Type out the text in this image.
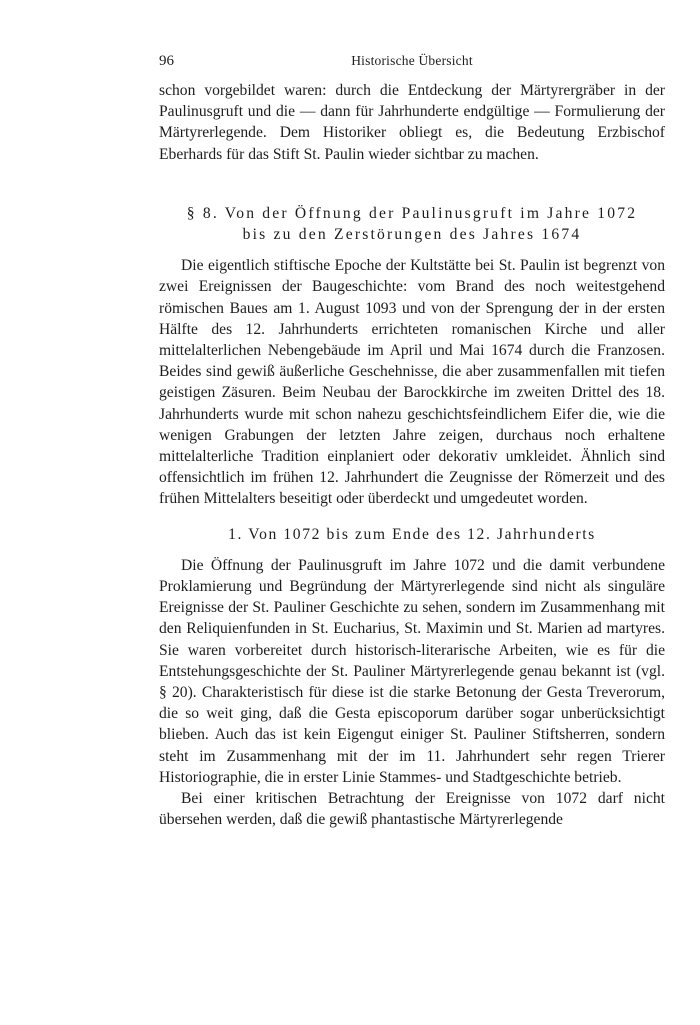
96	Historische Übersicht

schon vorgebildet waren: durch die Entdeckung der Märtyrergräber in der Paulinusgruft und die — dann für Jahrhunderte endgültige — Formulierung der Märtyrerlegende. Dem Historiker obliegt es, die Bedeutung Erzbischof Eberhards für das Stift St. Paulin wieder sichtbar zu machen.

§ 8. Von der Öffnung der Paulinusgruft im Jahre 1072
bis zu den Zerstörungen des Jahres 1674

Die eigentlich stiftische Epoche der Kultstätte bei St. Paulin ist begrenzt von zwei Ereignissen der Baugeschichte: vom Brand des noch weitestgehend römischen Baues am 1. August 1093 und von der Sprengung der in der ersten Hälfte des 12. Jahrhunderts errichteten romanischen Kirche und aller mittelalterlichen Nebengebäude im April und Mai 1674 durch die Franzosen. Beides sind gewiß äußerliche Geschehnisse, die aber zusammenfallen mit tiefen geistigen Zäsuren. Beim Neubau der Barockkirche im zweiten Drittel des 18. Jahrhunderts wurde mit schon nahezu geschichtsfeindlichem Eifer die, wie die wenigen Grabungen der letzten Jahre zeigen, durchaus noch erhaltene mittelalterliche Tradition einplaniert oder dekorativ umkleidet. Ähnlich sind offensichtlich im frühen 12. Jahrhundert die Zeugnisse der Römerzeit und des frühen Mittelalters beseitigt oder überdeckt und umgedeutet worden.

1. Von 1072 bis zum Ende des 12. Jahrhunderts

Die Öffnung der Paulinusgruft im Jahre 1072 und die damit verbundene Proklamierung und Begründung der Märtyrerlegende sind nicht als singuläre Ereignisse der St. Pauliner Geschichte zu sehen, sondern im Zusammenhang mit den Reliquienfunden in St. Eucharius, St. Maximin und St. Marien ad martyres. Sie waren vorbereitet durch historisch-literarische Arbeiten, wie es für die Entstehungsgeschichte der St. Pauliner Märtyrerlegende genau bekannt ist (vgl. § 20). Charakteristisch für diese ist die starke Betonung der Gesta Treverorum, die so weit ging, daß die Gesta episcoporum darüber sogar unberücksichtigt blieben. Auch das ist kein Eigengut einiger St. Pauliner Stiftsherren, sondern steht im Zusammenhang mit der im 11. Jahrhundert sehr regen Trierer Historiographie, die in erster Linie Stammes- und Stadtgeschichte betrieb.

Bei einer kritischen Betrachtung der Ereignisse von 1072 darf nicht übersehen werden, daß die gewiß phantastische Märtyrerlegende
